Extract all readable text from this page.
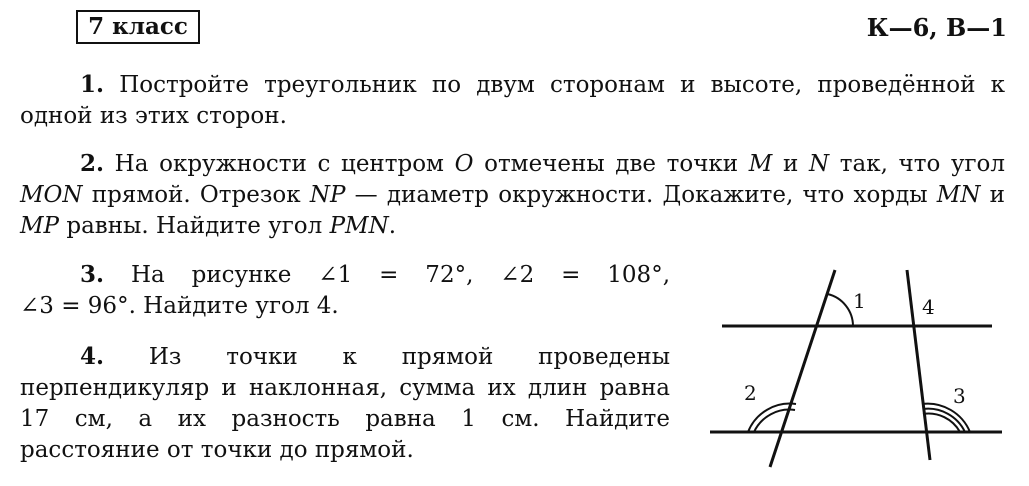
7 класс	К—6, В—1

1. Постройте треугольник по двум сторонам и высоте, проведённой к одной из этих сторон.

2. На окружности с центром O отмечены две точки M и N так, что угол MON прямой. Отрезок NP — диаметр окружности. Докажите, что хорды MN и MP равны. Найдите угол PMN.

3. На рисунке ∠1 = 72°, ∠2 = 108°,
∠3 = 96°. Найдите угол 4.

4. Из точки к прямой проведены перпендикуляр и наклонная, сумма их длин равна 17 см, а их разность равна 1 см. Найдите расстояние от точки до прямой.

1
2	3
4
